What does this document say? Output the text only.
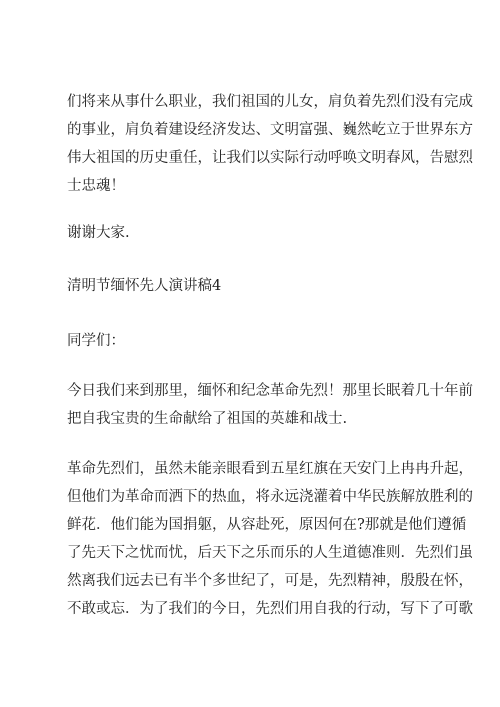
们将来从事什么职业，我们祖国的儿女，肩负着先烈们没有完成
的事业，肩负着建设经济发达、文明富强、巍然屹立于世界东方
伟大祖国的历史重任，让我们以实际行动呼唤文明春风，告慰烈
士忠魂！
谢谢大家.
清明节缅怀先人演讲稿4
同学们：
今日我们来到那里，缅怀和纪念革命先烈！那里长眠着几十年前
把自我宝贵的生命献给了祖国的英雄和战士.
革命先烈们，虽然未能亲眼看到五星红旗在天安门上冉冉升起，
但他们为革命而洒下的热血，将永远浇灌着中华民族解放胜利的
鲜花．他们能为国捐躯，从容赴死，原因何在?那就是他们遵循
了先天下之忧而忧，后天下之乐而乐的人生道德准则．先烈们虽
然离我们远去已有半个多世纪了，可是，先烈精神，殷殷在怀，
不敢或忘．为了我们的今日，先烈们用自我的行动，写下了可歌
